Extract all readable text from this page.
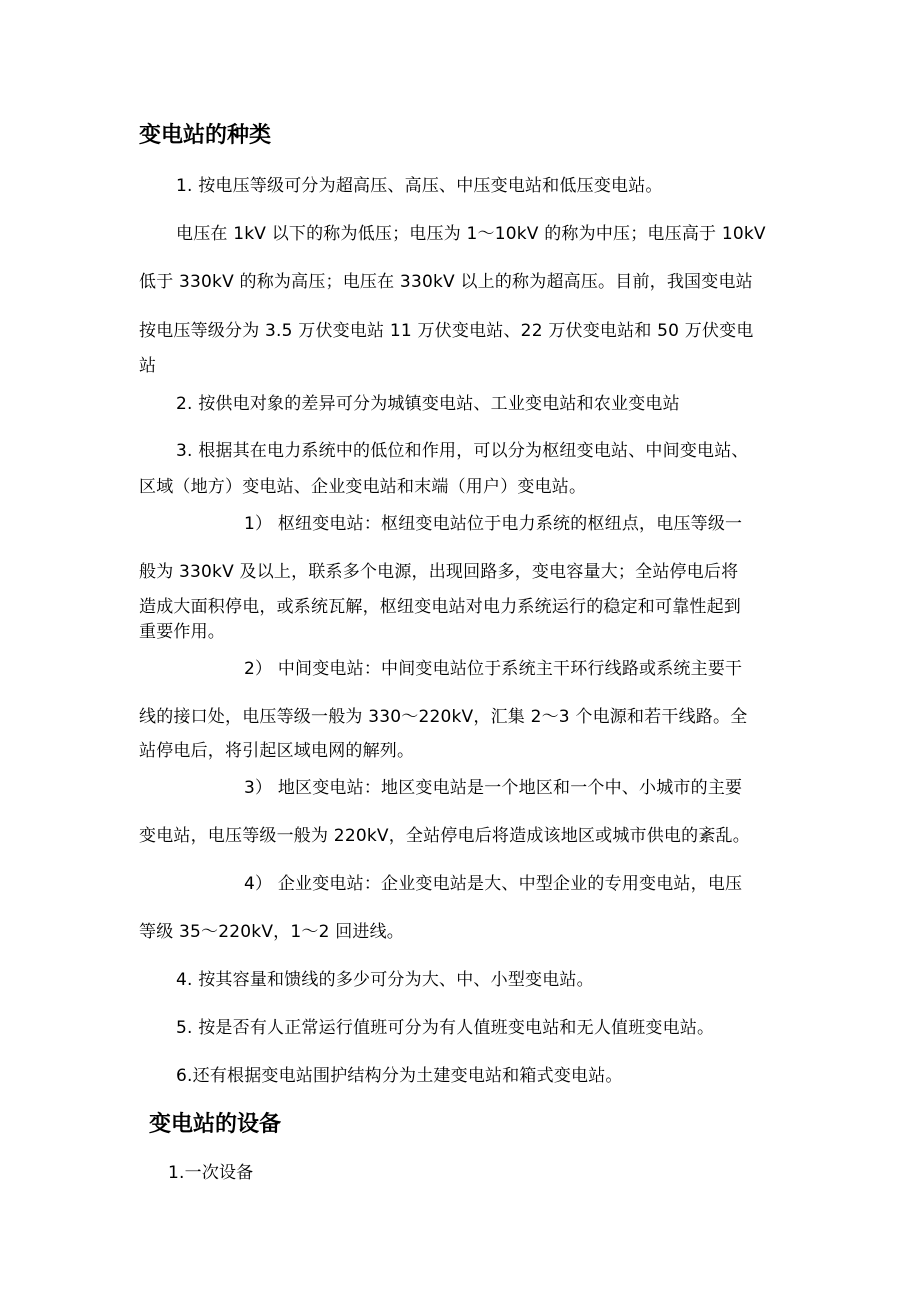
变电站的种类

1. 按电压等级可分为超高压、高压、中压变电站和低压变电站。

电压在 1kV 以下的称为低压；电压为 1～10kV 的称为中压；电压高于 10kV

低于 330kV 的称为高压；电压在 330kV 以上的称为超高压。目前，我国变电站

按电压等级分为 3.5 万伏变电站 11 万伏变电站、22 万伏变电站和 50 万伏变电

站

2. 按供电对象的差异可分为城镇变电站、工业变电站和农业变电站

3. 根据其在电力系统中的低位和作用，可以分为枢纽变电站、中间变电站、

区域（地方）变电站、企业变电站和末端（用户）变电站。

1） 枢纽变电站：枢纽变电站位于电力系统的枢纽点，电压等级一

般为 330kV 及以上，联系多个电源，出现回路多，变电容量大；全站停电后将

造成大面积停电，或系统瓦解，枢纽变电站对电力系统运行的稳定和可靠性起到

重要作用。

2） 中间变电站：中间变电站位于系统主干环行线路或系统主要干

线的接口处，电压等级一般为 330～220kV，汇集 2～3 个电源和若干线路。全

站停电后，将引起区域电网的解列。

3） 地区变电站：地区变电站是一个地区和一个中、小城市的主要

变电站，电压等级一般为 220kV，全站停电后将造成该地区或城市供电的紊乱。

4） 企业变电站：企业变电站是大、中型企业的专用变电站，电压

等级 35～220kV，1～2 回进线。

4. 按其容量和馈线的多少可分为大、中、小型变电站。

5. 按是否有人正常运行值班可分为有人值班变电站和无人值班变电站。

6.还有根据变电站围护结构分为土建变电站和箱式变电站。

变电站的设备

1.一次设备
